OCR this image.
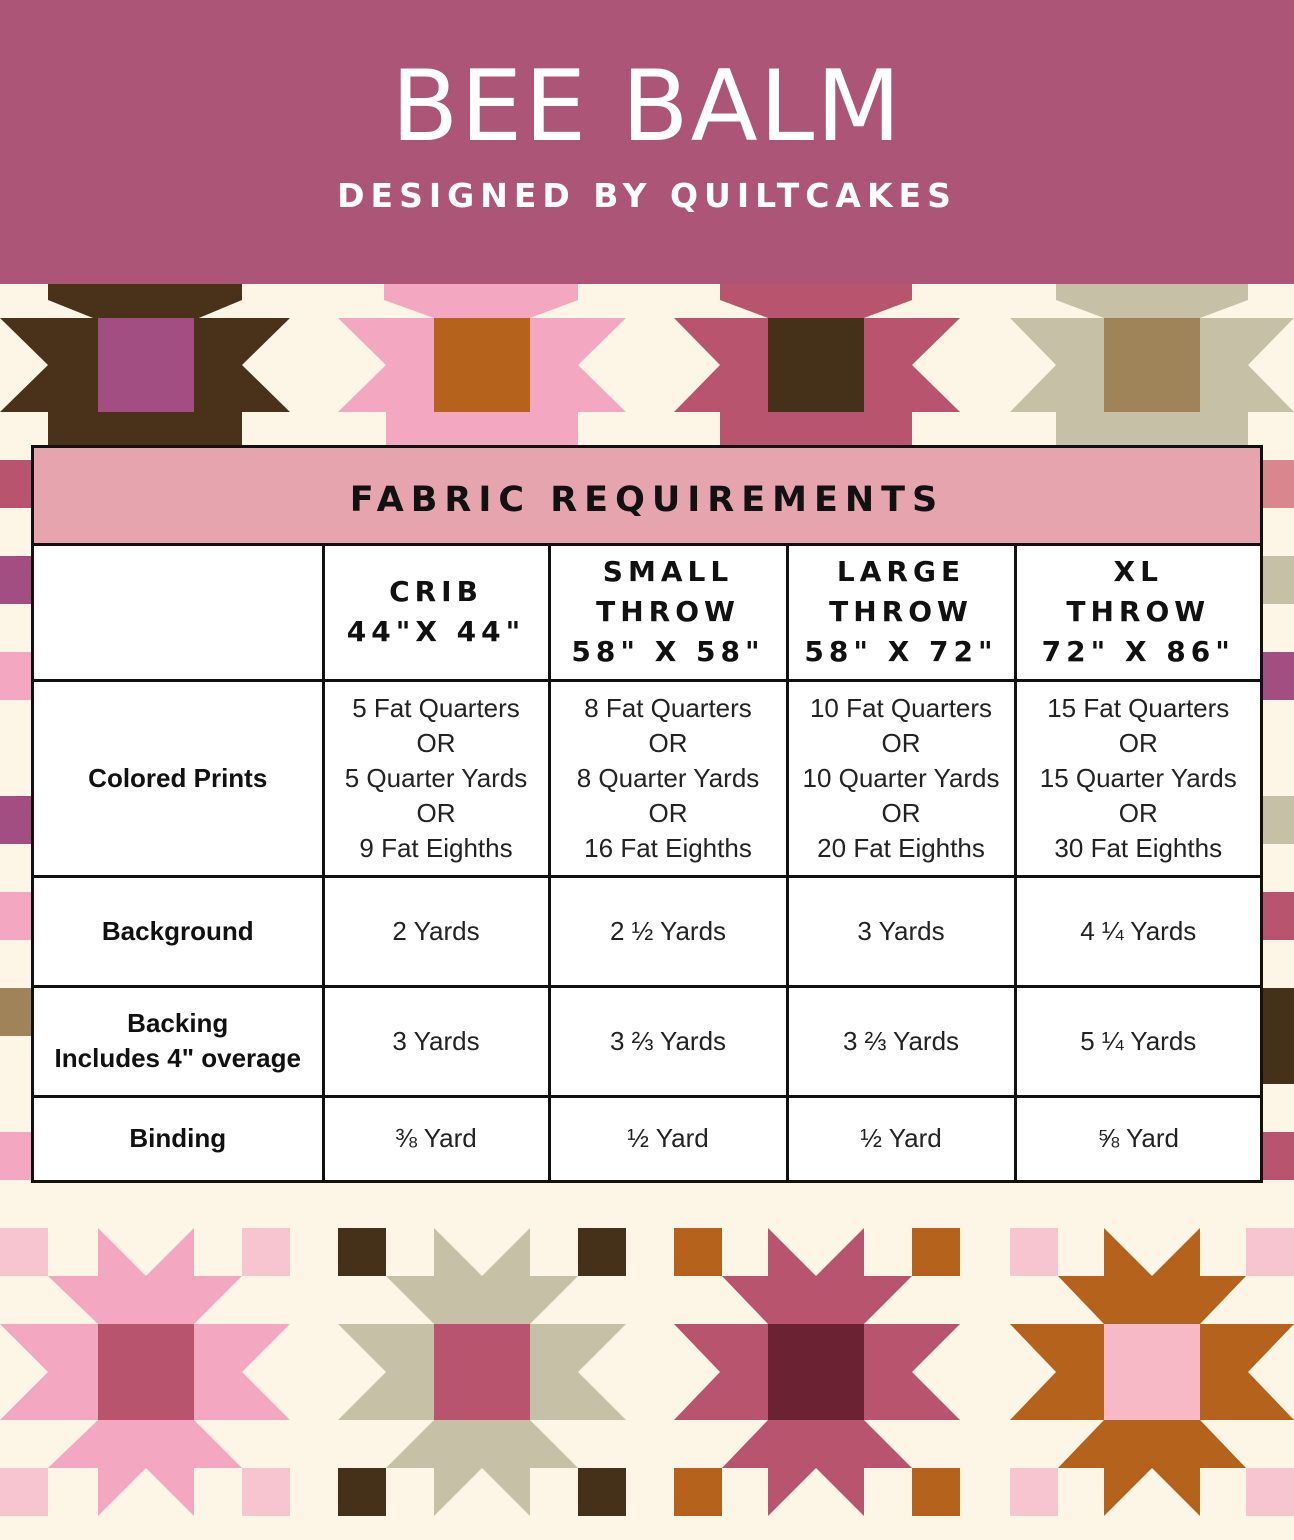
BEE BALM
DESIGNED BY QUILTCAKES
FABRIC REQUIREMENTS

	CRIB
44"X 44"	SMALL
THROW
58" X 58"	LARGE
THROW
58" X 72"	XL
THROW
72" X 86"

Colored Prints	5 Fat Quarters
OR
5 Quarter Yards
OR
9 Fat Eighths	8 Fat Quarters
OR
8 Quarter Yards
OR
16 Fat Eighths	10 Fat Quarters
OR
10 Quarter Yards
OR
20 Fat Eighths	15 Fat Quarters
OR
15 Quarter Yards
OR
30 Fat Eighths

Background	2 Yards	2 ½ Yards	3 Yards	4 ¼ Yards

Backing
Includes 4" overage	3 Yards	3 ⅔ Yards	3 ⅔ Yards	5 ¼ Yards

Binding	⅜ Yard	½ Yard	½ Yard	⅝ Yard
